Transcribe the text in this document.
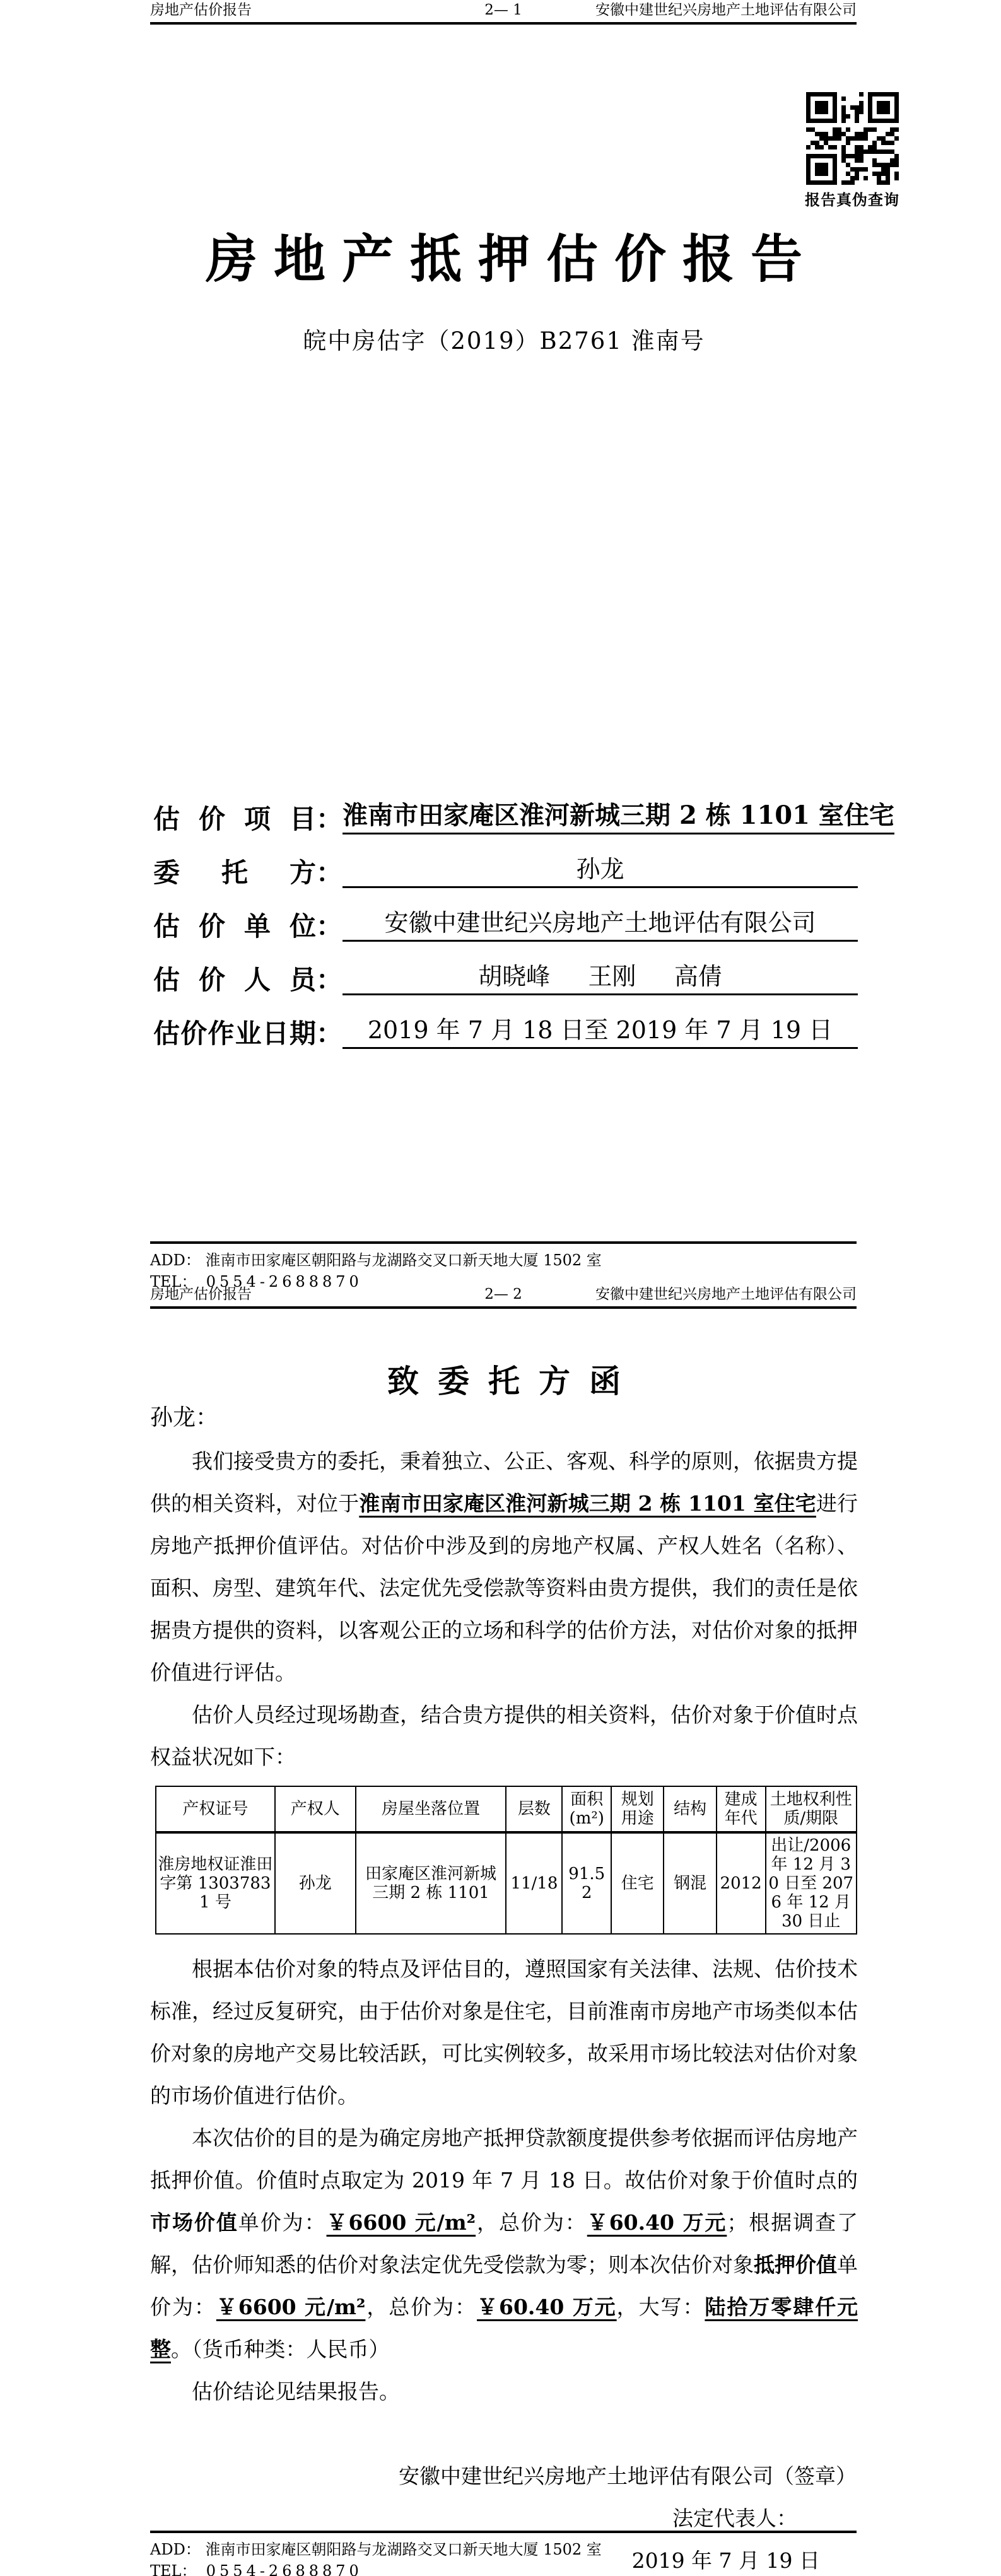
房地产估价报告	2— 1	安徽中建世纪兴房地产土地评估有限公司
报告真伪查询
房地产抵押估价报告
皖中房估字（2019）B2761 淮南号
估价项目 ： 淮南市田家庵区淮河新城三期 2 栋 1101 室住宅
委托方 ：	孙龙
估价单位 ：	安徽中建世纪兴房地产土地评估有限公司
估价人员 ：	胡晓峰     王刚     高倩
估价作业日期 ：	2019 年 7 月 18 日至 2019 年 7 月 19 日
ADD： 淮南市田家庵区朝阳路与龙湖路交叉口新天地大厦 1502 室
TEL：  0554-2688870
房地产估价报告	2— 2	安徽中建世纪兴房地产土地评估有限公司
致委托方函
孙龙：

我们接受贵方的委托，秉着独立、公正、客观、科学的原则，依据贵方提供的相关资料，对位于淮南市田家庵区淮河新城三期 2 栋 1101 室住宅进行房地产抵押价值评估。对估价中涉及到的房地产权属、产权人姓名（名称）、面积、房型、建筑年代、法定优先受偿款等资料由贵方提供，我们的责任是依据贵方提供的资料，以客观公正的立场和科学的估价方法，对估价对象的抵押价值进行评估。

估价人员经过现场勘查，结合贵方提供的相关资料，估价对象于价值时点权益状况如下：

产权证号	产权人	房屋坐落位置	层数	面积(m²)	规划用途	结构	建成年代	土地权利性质/期限
淮房地权证淮田字第 13037831 号	孙龙	田家庵区淮河新城三期 2 栋 1101	11/18	91.52	住宅	钢混	2012	出让/2006 年 12 月 30 日至 2076 年 12 月 30 日止

根据本估价对象的特点及评估目的，遵照国家有关法律、法规、估价技术标准，经过反复研究，由于估价对象是住宅，目前淮南市房地产市场类似本估价对象的房地产交易比较活跃，可比实例较多，故采用市场比较法对估价对象的市场价值进行估价。

本次估价的目的是为确定房地产抵押贷款额度提供参考依据而评估房地产抵押价值。价值时点取定为 2019 年 7 月 18 日。故估价对象于价值时点的市场价值单价为：￥6600 元/m²，总价为：￥60.40 万元；根据调查了解，估价师知悉的估价对象法定优先受偿款为零；则本次估价对象抵押价值单价为：￥6600 元/m²，总价为：￥60.40 万元，大写：陆拾万零肆仟元整。（货币种类：人民币）

估价结论见结果报告。

安徽中建世纪兴房地产土地评估有限公司（签章）
法定代表人：
2019 年 7 月 19 日
ADD： 淮南市田家庵区朝阳路与龙湖路交叉口新天地大厦 1502 室
TEL：  0554-2688870
